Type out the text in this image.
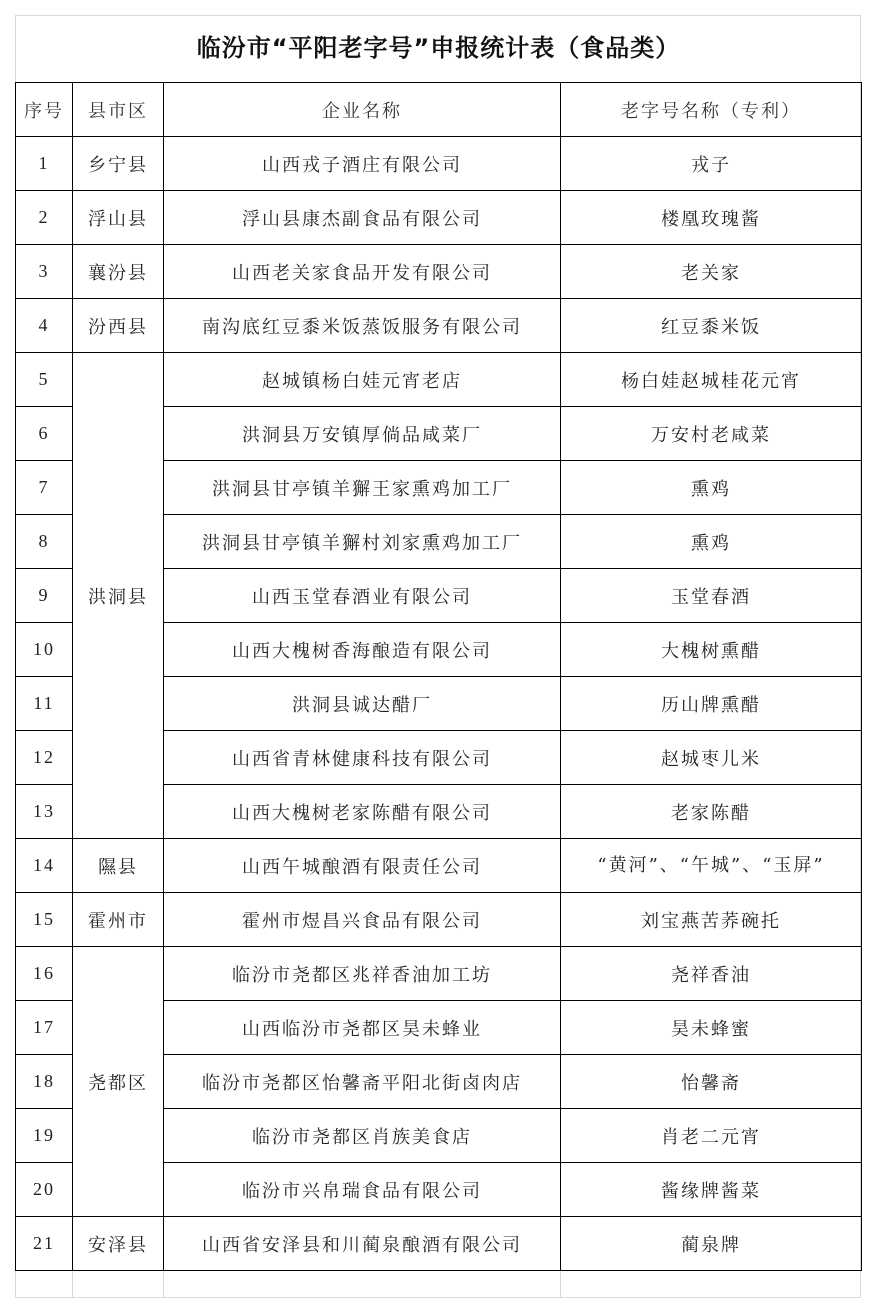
临汾市“平阳老字号”申报统计表（食品类）
序号	县市区	企业名称	老字号名称（专利）
1	乡宁县	山西戎子酒庄有限公司	戎子
2	浮山县	浮山县康杰副食品有限公司	楼凰玫瑰酱
3	襄汾县	山西老关家食品开发有限公司	老关家
4	汾西县	南沟底红豆黍米饭蒸饭服务有限公司	红豆黍米饭
5	洪洞县	赵城镇杨白娃元宵老店	杨白娃赵城桂花元宵
6		洪洞县万安镇厚倘品咸菜厂	万安村老咸菜
7		洪洞县甘亭镇羊獬王家熏鸡加工厂	熏鸡
8		洪洞县甘亭镇羊獬村刘家熏鸡加工厂	熏鸡
9		山西玉堂春酒业有限公司	玉堂春酒
10		山西大槐树香海酿造有限公司	大槐树熏醋
11		洪洞县诚达醋厂	历山牌熏醋
12		山西省青林健康科技有限公司	赵城枣儿米
13		山西大槐树老家陈醋有限公司	老家陈醋
14	隰县	山西午城酿酒有限责任公司	“黄河”、“午城”、“玉屏”
15	霍州市	霍州市煜昌兴食品有限公司	刘宝燕苦荞碗托
16	尧都区	临汾市尧都区兆祥香油加工坊	尧祥香油
17		山西临汾市尧都区昊未蜂业	昊未蜂蜜
18		临汾市尧都区怡馨斋平阳北街卤肉店	怡馨斋
19		临汾市尧都区肖族美食店	肖老二元宵
20		临汾市兴帛瑞食品有限公司	酱缘牌酱菜
21	安泽县	山西省安泽县和川蔺泉酿酒有限公司	蔺泉牌
